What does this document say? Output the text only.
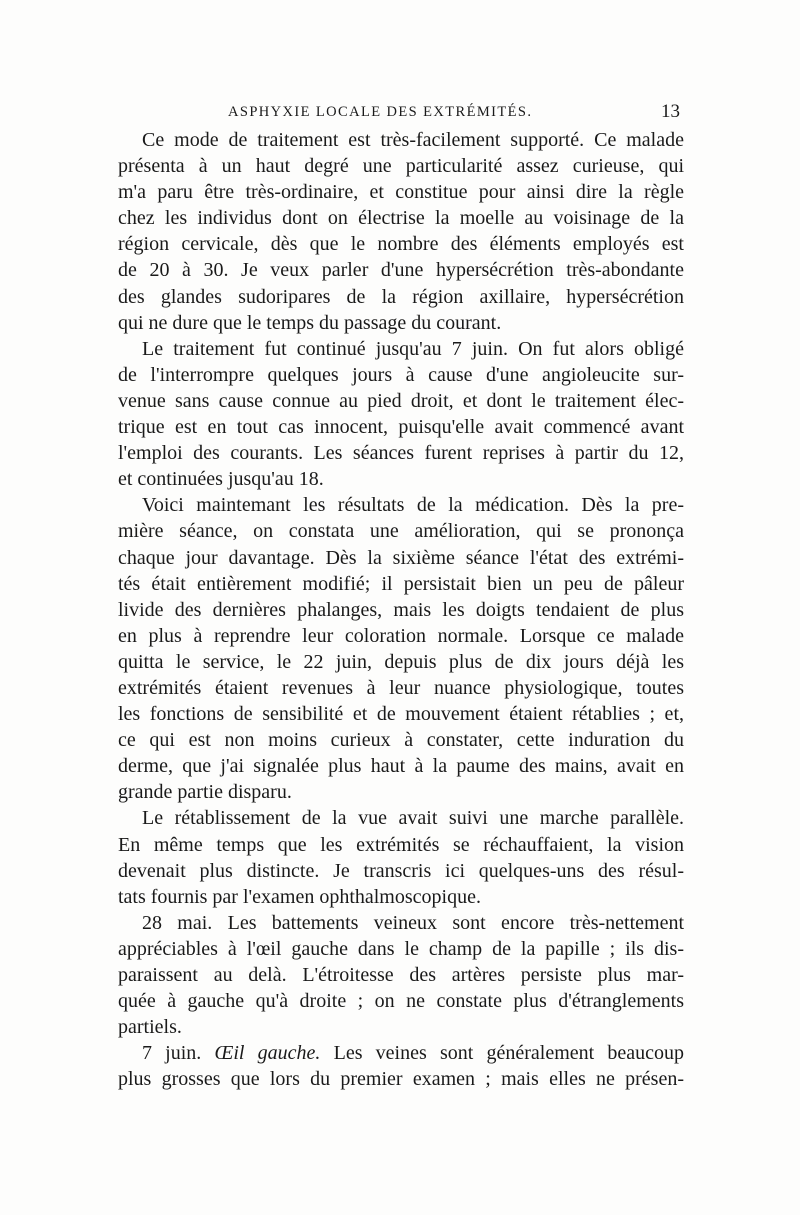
ASPHYXIE LOCALE DES EXTRÉMITÉS.	13
Ce mode de traitement est très-facilement supporté. Ce malade
présenta à un haut degré une particularité assez curieuse, qui
m'a paru être très-ordinaire, et constitue pour ainsi dire la règle
chez les individus dont on électrise la moelle au voisinage de la
région cervicale, dès que le nombre des éléments employés est
de 20 à 30. Je veux parler d'une hypersécrétion très-abondante
des glandes sudoripares de la région axillaire, hypersécrétion
qui ne dure que le temps du passage du courant.
Le traitement fut continué jusqu'au 7 juin. On fut alors obligé
de l'interrompre quelques jours à cause d'une angioleucite sur-
venue sans cause connue au pied droit, et dont le traitement élec-
trique est en tout cas innocent, puisqu'elle avait commencé avant
l'emploi des courants. Les séances furent reprises à partir du 12,
et continuées jusqu'au 18.
Voici maintemant les résultats de la médication. Dès la pre-
mière séance, on constata une amélioration, qui se prononça
chaque jour davantage. Dès la sixième séance l'état des extrémi-
tés était entièrement modifié; il persistait bien un peu de pâleur
livide des dernières phalanges, mais les doigts tendaient de plus
en plus à reprendre leur coloration normale. Lorsque ce malade
quitta le service, le 22 juin, depuis plus de dix jours déjà les
extrémités étaient revenues à leur nuance physiologique, toutes
les fonctions de sensibilité et de mouvement étaient rétablies ; et,
ce qui est non moins curieux à constater, cette induration du
derme, que j'ai signalée plus haut à la paume des mains, avait en
grande partie disparu.
Le rétablissement de la vue avait suivi une marche parallèle.
En même temps que les extrémités se réchauffaient, la vision
devenait plus distincte. Je transcris ici quelques-uns des résul-
tats fournis par l'examen ophthalmoscopique.
28 mai. Les battements veineux sont encore très-nettement
appréciables à l'œil gauche dans le champ de la papille ; ils dis-
paraissent au delà. L'étroitesse des artères persiste plus mar-
quée à gauche qu'à droite ; on ne constate plus d'étranglements
partiels.
7 juin. Œil gauche. Les veines sont généralement beaucoup
plus grosses que lors du premier examen ; mais elles ne présen-
